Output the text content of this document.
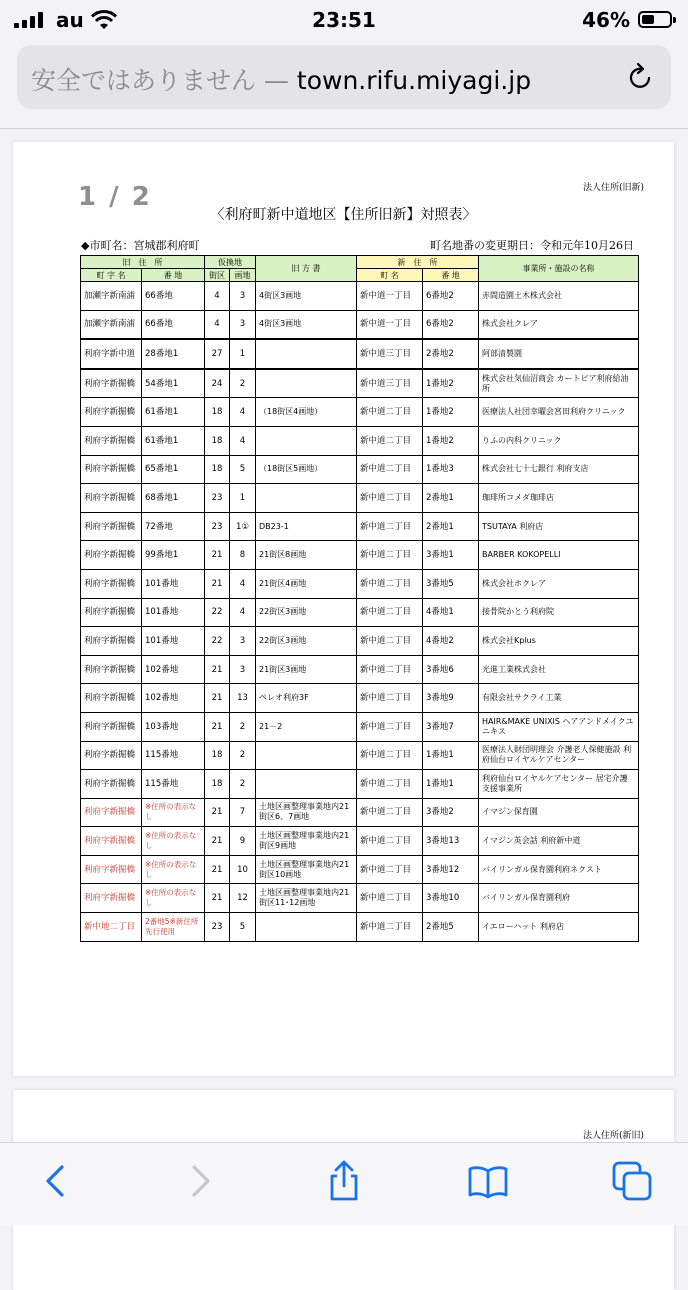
au	23:51	46%
安全ではありません — town.rifu.miyagi.jp
1 / 2	法人住所(旧新)
〈利府町新中道地区【住所旧新】対照表〉
◆市町名：宮城郡利府町	町名地番の変更期日：令和元年10月26日
旧　住　所		仮換地		旧 方 書	新　住　所		事業所・施設の名称
町 字 名	番 地	街区	画地		町 名	番 地	
加瀬字新南浦	66番地	4	3	4街区3画地	新中道一丁目	6番地2	赤間造園土木株式会社
加瀬字新南浦	66番地	4	3	4街区3画地	新中道一丁目	6番地2	株式会社クレア
利府字新中道	28番地1	27	1		新中道三丁目	2番地2	阿部清製園
利府字新掘橋	54番地1	24	2		新中道三丁目	1番地2	株式会社気仙沼商会 カートピア利府給油所
利府字新掘橋	61番地1	18	4	（18街区4画地）	新中道二丁目	1番地2	医療法人社団幸曜会宮田利府クリニック
利府字新掘橋	61番地1	18	4		新中道二丁目	1番地2	りふの内科クリニック
利府字新掘橋	65番地1	18	5	（18街区5画地）	新中道二丁目	1番地3	株式会社七十七銀行 利府支店
利府字新掘橋	68番地1	23	1		新中道二丁目	2番地1	珈琲所コメダ珈琲店
利府字新掘橋	72番地	23	1①	DB23-1	新中道二丁目	2番地1	TSUTAYA 利府店
利府字新掘橋	99番地1	21	8	21街区8画地	新中道二丁目	3番地1	BARBER KOKOPELLI
利府字新掘橋	101番地	21	4	21街区4画地	新中道二丁目	3番地5	株式会社ホクレア
利府字新掘橋	101番地	22	4	22街区3画地	新中道二丁目	4番地1	接骨院かとう利府院
利府字新掘橋	101番地	22	3	22街区3画地	新中道二丁目	4番地2	株式会社Kplus
利府字新掘橋	102番地	21	3	21街区3画地	新中道二丁目	3番地6	光進工業株式会社
利府字新掘橋	102番地	21	13	ペレオ利府3F	新中道二丁目	3番地9	有限会社サクライ工業
利府字新掘橋	103番地	21	2	21－2	新中道二丁目	3番地7	HAIR&MAKE UNIXIS ヘアアンドメイクユニキス
利府字新掘橋	115番地	18	2		新中道二丁目	1番地1	医療法人財団明理会 介護老人保健施設 利府仙台ロイヤルケアセンター
利府字新掘橋	115番地	18	2		新中道二丁目	1番地1	利府仙台ロイヤルケアセンター 居宅介護支援事業所
利府字新掘橋	※住所の表示なし	21	7	土地区画整理事業地内21街区6、7画地	新中道二丁目	3番地2	イマジン保育園
利府字新掘橋	※住所の表示なし	21	9	土地区画整理事業地内21街区9画地	新中道二丁目	3番地13	イマジン英会話 利府新中道
利府字新掘橋	※住所の表示なし	21	10	土地区画整理事業地内21街区10画地	新中道二丁目	3番地12	バイリンガル保育園利府ネクスト
利府字新掘橋	※住所の表示なし	21	12	土地区画整理事業地内21街区11･12画地	新中道二丁目	3番地10	バイリンガル保育園利府
新中地二丁目	2番地5※新住所先行使用	23	5		新中道二丁目	2番地5	イエローハット 利府店
法人住所(新旧)
